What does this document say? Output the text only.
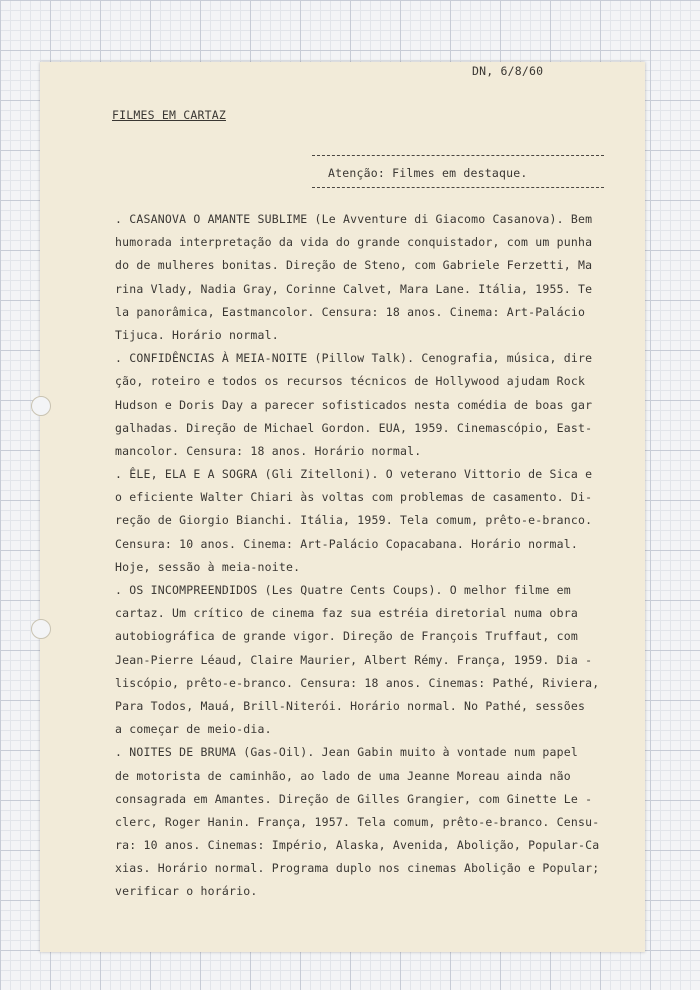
DN, 6/8/60
FILMES EM CARTAZ
Atenção: Filmes em destaque.
. CASANOVA O AMANTE SUBLIME (Le Avventure di Giacomo Casanova). Bem
humorada interpretação da vida do grande conquistador, com um punha
do de mulheres bonitas. Direção de Steno, com Gabriele Ferzetti, Ma
rina Vlady, Nadia Gray, Corinne Calvet, Mara Lane. Itália, 1955. Te
la panorâmica, Eastmancolor. Censura: 18 anos. Cinema: Art-Palácio
Tijuca. Horário normal.
. CONFIDÊNCIAS À MEIA-NOITE (Pillow Talk). Cenografia, música, dire
ção, roteiro e todos os recursos técnicos de Hollywood ajudam Rock
Hudson e Doris Day a parecer sofisticados nesta comédia de boas gar
galhadas. Direção de Michael Gordon. EUA, 1959. Cinemascópio, East-
mancolor. Censura: 18 anos. Horário normal.
. ÊLE, ELA E A SOGRA (Gli Zitelloni). O veterano Vittorio de Sica e
o eficiente Walter Chiari às voltas com problemas de casamento. Di-
reção de Giorgio Bianchi. Itália, 1959. Tela comum, prêto-e-branco.
Censura: 10 anos. Cinema: Art-Palácio Copacabana. Horário normal.
Hoje, sessão à meia-noite.
. OS INCOMPREENDIDOS (Les Quatre Cents Coups). O melhor filme em
cartaz. Um crítico de cinema faz sua estréia diretorial numa obra
autobiográfica de grande vigor. Direção de François Truffaut, com
Jean-Pierre Léaud, Claire Maurier, Albert Rémy. França, 1959. Dia -
liscópio, prêto-e-branco. Censura: 18 anos. Cinemas: Pathé, Riviera,
Para Todos, Mauá, Brill-Niterói. Horário normal. No Pathé, sessões
a começar de meio-dia.
. NOITES DE BRUMA (Gas-Oil). Jean Gabin muito à vontade num papel
de motorista de caminhão, ao lado de uma Jeanne Moreau ainda não
consagrada em Amantes. Direção de Gilles Grangier, com Ginette Le -
clerc, Roger Hanin. França, 1957. Tela comum, prêto-e-branco. Censu-
ra: 10 anos. Cinemas: Império, Alaska, Avenida, Abolição, Popular-Ca
xias. Horário normal. Programa duplo nos cinemas Abolição e Popular;
verificar o horário.
